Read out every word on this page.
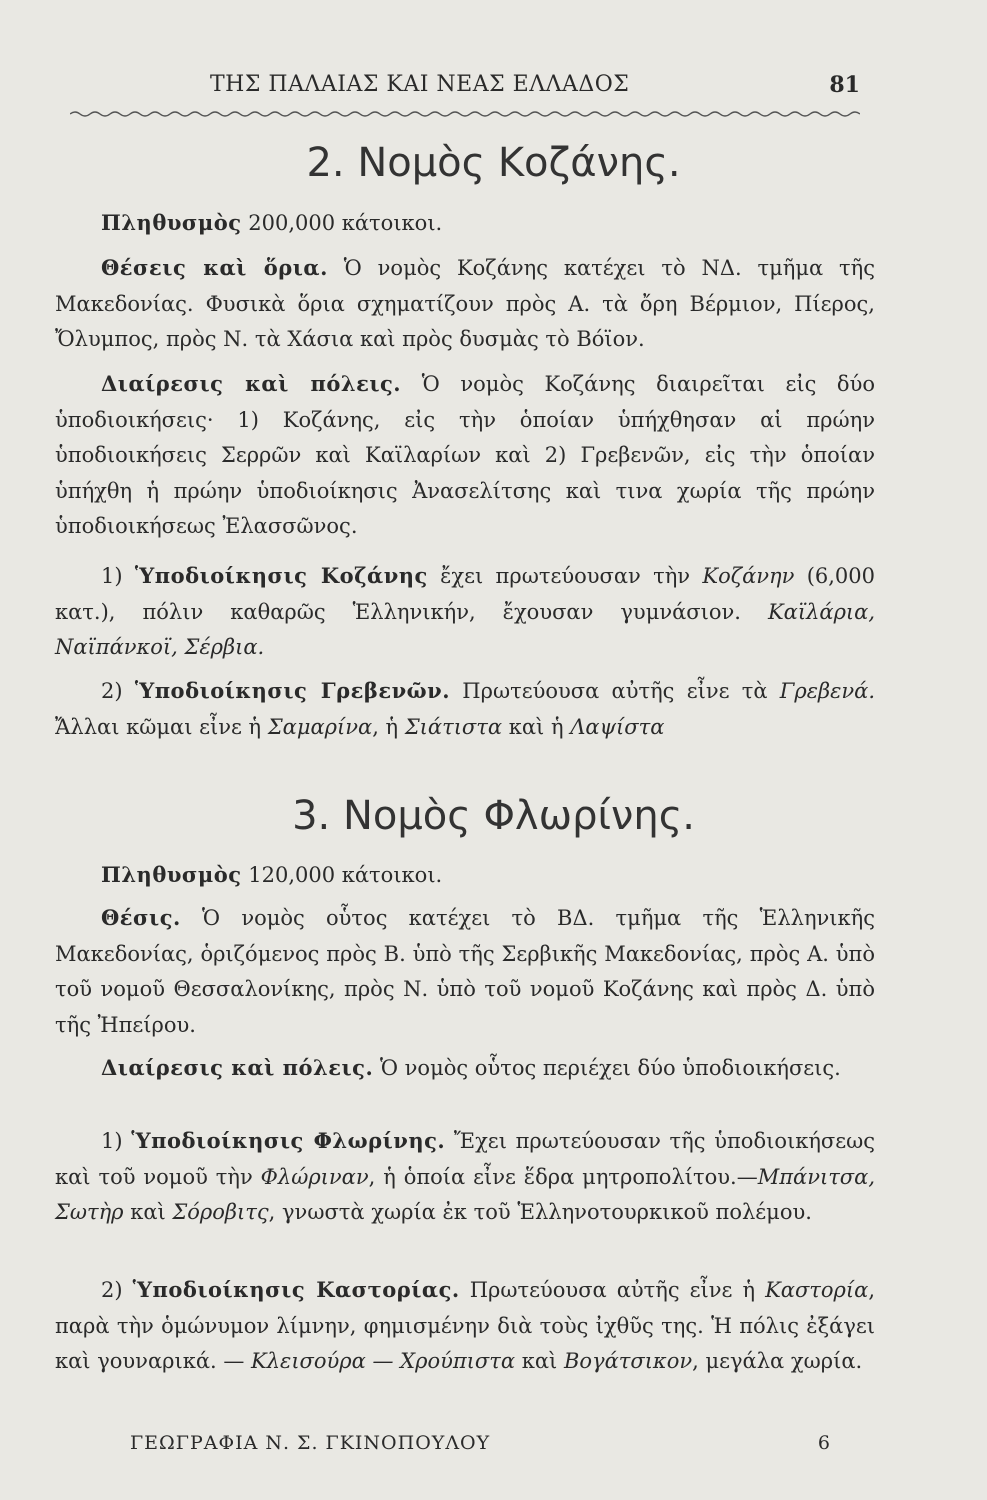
ΤΗΣ ΠΑΛΑΙΑΣ ΚΑΙ ΝΕΑΣ ΕΛΛΑΔΟΣ	81
2. Νομὸς Κοζάνης.
Πληθυσμὸς 200,000 κάτοικοι.
Θέσεις καὶ ὅρια. Ὁ νομὸς Κοζάνης κατέχει τὸ ΝΔ. τμῆμα τῆς Μακεδονίας. Φυσικὰ ὅρια σχηματίζουν πρὸς Α. τὰ ὄρη Βέρμιον, Πίερος, Ὄλυμπος, πρὸς Ν. τὰ Χάσια καὶ πρὸς δυσμὰς τὸ Βόϊον.
Διαίρεσις καὶ πόλεις. Ὁ νομὸς Κοζάνης διαιρεῖται εἰς δύο ὑποδιοικήσεις· 1) Κοζάνης, εἰς τὴν ὁποίαν ὑπήχθησαν αἱ πρώην ὑποδιοικήσεις Σερρῶν καὶ Καϊλαρίων καὶ 2) Γρεβενῶν, εἰς τὴν ὁποίαν ὑπήχθη ἡ πρώην ὑποδιοίκησις Ἀνασελίτσης καὶ τινα χωρία τῆς πρώην ὑποδιοικήσεως Ἐλασσῶνος.
1) Ὑποδιοίκησις Κοζάνης ἔχει πρωτεύουσαν τὴν Κοζάνην (6,000 κατ.), πόλιν καθαρῶς Ἑλληνικήν, ἔχουσαν γυμνάσιον. Καϊλάρια, Ναϊπάνκοϊ, Σέρβια.
2) Ὑποδιοίκησις Γρεβενῶν. Πρωτεύουσα αὐτῆς εἶνε τὰ Γρεβενά. Ἄλλαι κῶμαι εἶνε ἡ Σαμαρίνα, ἡ Σιάτιστα καὶ ἡ Λαψίστα
3. Νομὸς Φλωρίνης.
Πληθυσμὸς 120,000 κάτοικοι.
Θέσις. Ὁ νομὸς οὗτος κατέχει τὸ ΒΔ. τμῆμα τῆς Ἑλληνικῆς Μακεδονίας, ὁριζόμενος πρὸς Β. ὑπὸ τῆς Σερβικῆς Μακεδονίας, πρὸς Α. ὑπὸ τοῦ νομοῦ Θεσσαλονίκης, πρὸς Ν. ὑπὸ τοῦ νομοῦ Κοζάνης καὶ πρὸς Δ. ὑπὸ τῆς Ἠπείρου.
Διαίρεσις καὶ πόλεις. Ὁ νομὸς οὗτος περιέχει δύο ὑποδιοικήσεις.
1) Ὑποδιοίκησις Φλωρίνης. Ἔχει πρωτεύουσαν τῆς ὑποδιοικήσεως καὶ τοῦ νομοῦ τὴν Φλώριναν, ἡ ὁποία εἶνε ἕδρα μητροπολίτου.—Μπάνιτσα, Σωτὴρ καὶ Σόροβιτς, γνωστὰ χωρία ἐκ τοῦ Ἑλληνοτουρκικοῦ πολέμου.
2) Ὑποδιοίκησις Καστορίας. Πρωτεύουσα αὐτῆς εἶνε ἡ Καστορία, παρὰ τὴν ὁμώνυμον λίμνην, φημισμένην διὰ τοὺς ἰχθῦς της. Ἡ πόλις ἐξάγει καὶ γουναρικά. — Κλεισούρα — Χρούπιστα καὶ Βογάτσικον, μεγάλα χωρία.
ΓΕΩΓΡΑΦΙΑ Ν. Σ. ΓΚΙΝΟΠΟΥΛΟΥ	6
